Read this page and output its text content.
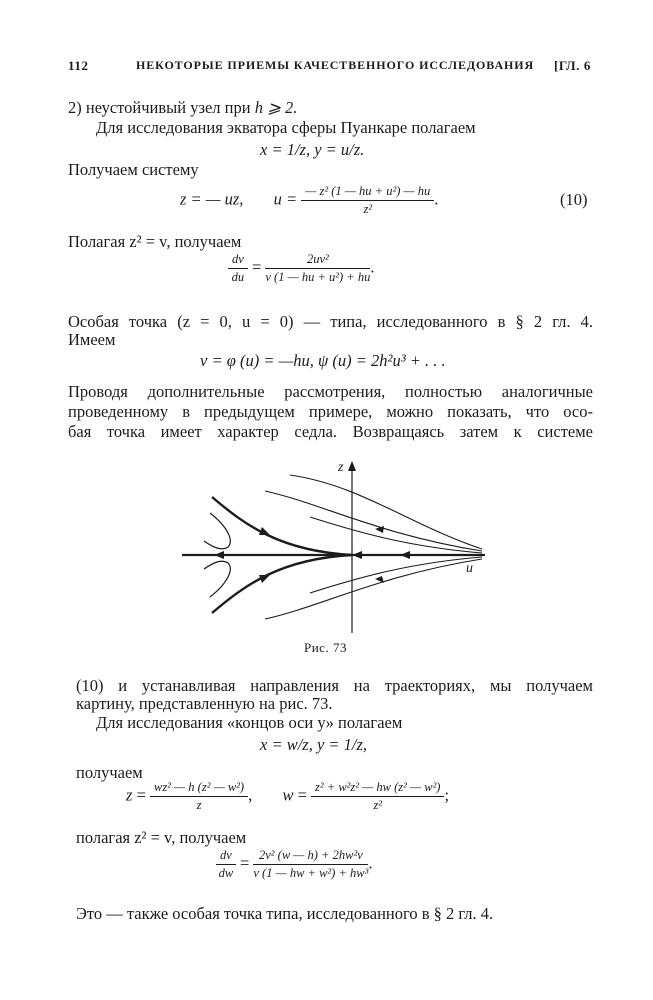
112	НЕКОТОРЫЕ ПРИЕМЫ КАЧЕСТВЕННОГО ИССЛЕДОВАНИЯ [ГЛ. 6
2) неустойчивый узел при h ⩾ 2.
Для исследования экватора сферы Пуанкаре полагаем
x = 1/z, y = u/z.
Получаем систему
z = — uz, $u = \frac{\text{— z² (1 — hu + u²) — hu}}{\text{z²}}$ .	(10)
Полагая z² = v, получаем
$\frac{dv}{du} = \frac{\text{2uv²}}{\text{v (1 — hu + u²) + hu}}$ .
Особая точка (z = 0, u = 0) — типа, исследованного в § 2 гл. 4.
Имеем
v = φ (u) = —hu, ψ (u) = 2h²u³ + . . .
Проводя дополнительные рассмотрения, полностью аналогичные
проведенному в предыдущем примере, можно показать, что осо-
бая точка имеет характер седла. Возвращаясь затем к системе
z
u
Рис. 73
(10) и устанавливая направления на траекториях, мы получаем
картину, представленную на рис. 73.
Для исследования «концов оси y» полагаем
x = w/z, y = 1/z,
получаем
$z = \frac{\text{wz² — h (z² — w²)}}{z}$ , $w = \frac{\text{z² + w²z² — hw (z² — w²)}}{\text{z²}}$ ;
полагая z² = v, получаем
$\frac{dv}{dw} = \frac{\text{2v² (w — h) + 2hw²v}}{\text{v (1 — hw + w²) + hw³}}$ .
Это — также особая точка типа, исследованного в § 2 гл. 4.
